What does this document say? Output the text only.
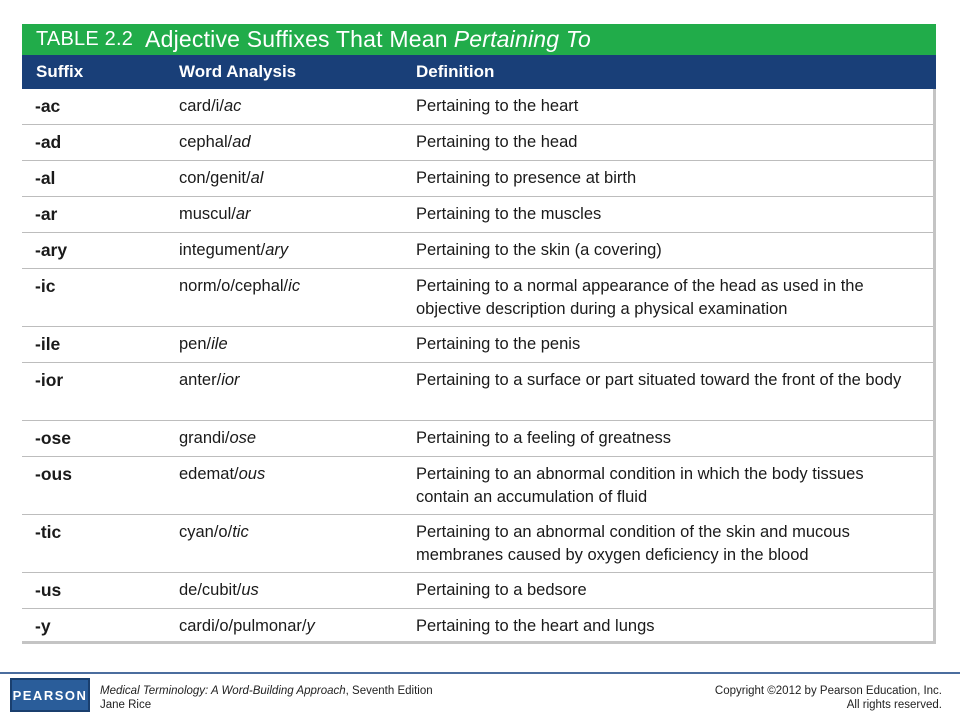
TABLE 2.2 Adjective Suffixes That Mean Pertaining To
Suffix	Word Analysis	Definition
-ac	card/i/ac	Pertaining to the heart
-ad	cephal/ad	Pertaining to the head
-al	con/genit/al	Pertaining to presence at birth
-ar	muscul/ar	Pertaining to the muscles
-ary	integument/ary	Pertaining to the skin (a covering)
-ic	norm/o/cephal/ic	Pertaining to a normal appearance of the head as used in the objective description during a physical examination
-ile	pen/ile	Pertaining to the penis
-ior	anter/ior	Pertaining to a surface or part situated toward the front of the body
-ose	grandi/ose	Pertaining to a feeling of greatness
-ous	edemat/ous	Pertaining to an abnormal condition in which the body tissues contain an accumulation of fluid
-tic	cyan/o/tic	Pertaining to an abnormal condition of the skin and mucous membranes caused by oxygen deficiency in the blood
-us	de/cubit/us	Pertaining to a bedsore
-y	cardi/o/pulmonar/y	Pertaining to the heart and lungs
PEARSON Medical Terminology: A Word-Building Approach, Seventh Edition
Jane Rice
Copyright ©2012 by Pearson Education, Inc.
All rights reserved.
